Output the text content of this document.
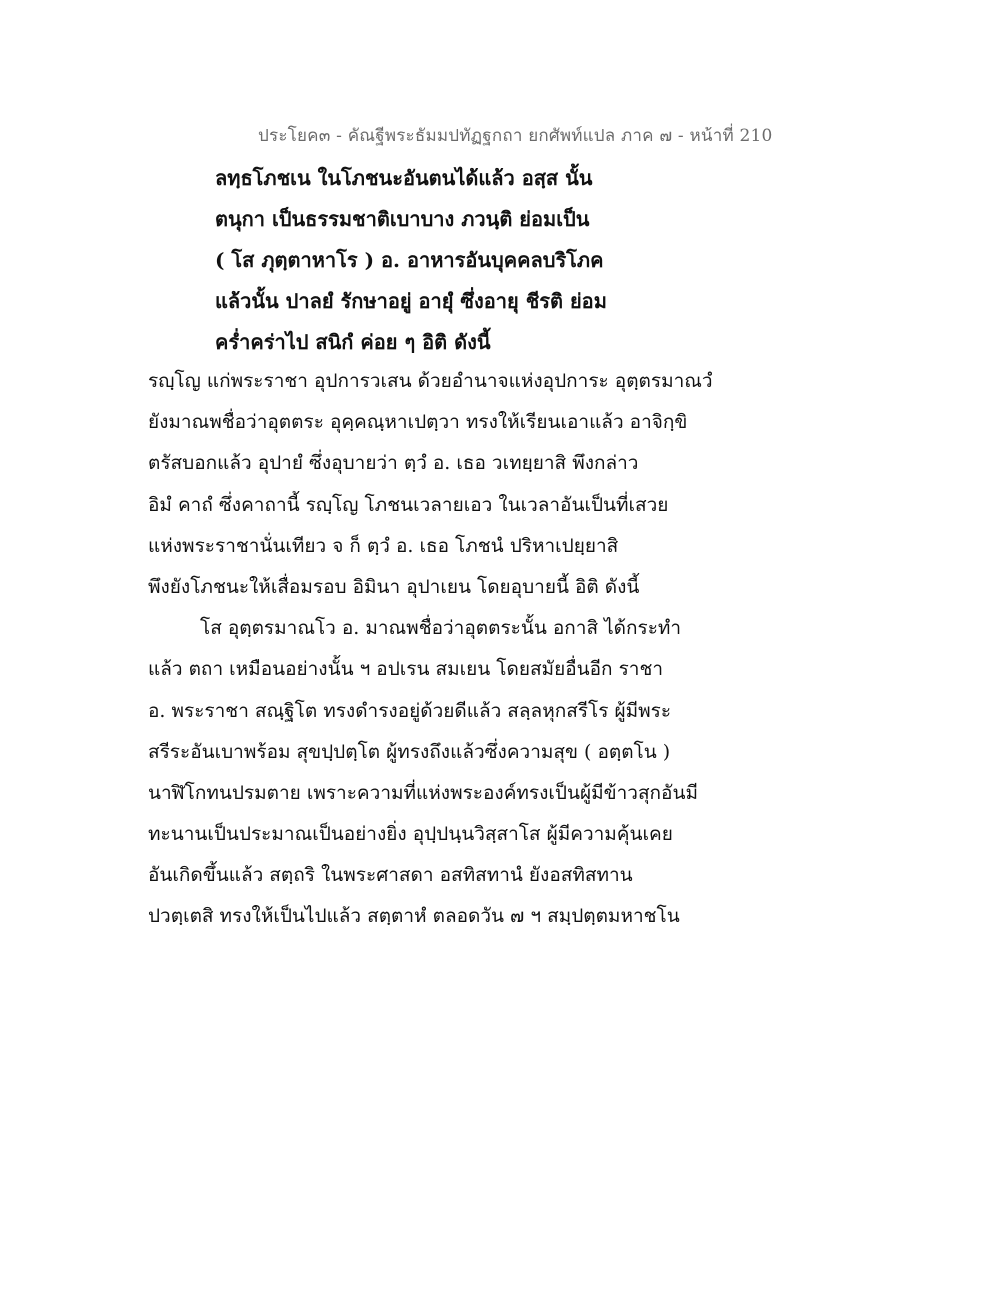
ประโยค๓ - คัณฐีพระธัมมปทัฏฐกถา ยกศัพท์แปล ภาค ๗ - หน้าที่ 210
ลทฺธโภชเน ในโภชนะอันตนได้แล้ว อสฺส นั้น
ตนุกา เป็นธรรมชาติเบาบาง ภวนฺติ ย่อมเป็น
( โส ภุตฺตาหาโร ) อ. อาหารอันบุคคลบริโภค
แล้วนั้น ปาลยํ รักษาอยู่ อายุํ ซึ่งอายุ ชีรติ ย่อม
คร่ำคร่าไป สนิกํ ค่อย ๆ อิติ ดังนี้
รญฺโญ แก่พระราชา อุปการวเสน ด้วยอำนาจแห่งอุปการะ อุตฺตรมาณวํ
ยังมาณพชื่อว่าอุตตระ อุคฺคณฺหาเปตฺวา ทรงให้เรียนเอาแล้ว อาจิกฺขิ
ตรัสบอกแล้ว อุปายํ ซึ่งอุบายว่า ตฺวํ อ. เธอ วเทยฺยาสิ พึงกล่าว
อิมํ คาถํ ซึ่งคาถานี้ รญฺโญ โภชนเวลายเอว ในเวลาอันเป็นที่เสวย
แห่งพระราชานั่นเทียว จ ก็ ตฺวํ อ. เธอ โภชนํ ปริหาเปยฺยาสิ
พึงยังโภชนะให้เสื่อมรอบ อิมินา อุปาเยน โดยอุบายนี้ อิติ ดังนี้
โส อุตฺตรมาณโว อ. มาณพชื่อว่าอุตตระนั้น อกาสิ ได้กระทำ
แล้ว ตถา เหมือนอย่างนั้น ฯ อปเรน สมเยน โดยสมัยอื่นอีก ราชา
อ. พระราชา สณฺฐิโต ทรงดำรงอยู่ด้วยดีแล้ว สลฺลหุกสรีโร ผู้มีพระ
สรีระอันเบาพร้อม สุขปฺปตฺโต ผู้ทรงถึงแล้วซึ่งความสุข ( อตฺตโน )
นาฬิโกทนปรมตาย เพราะความที่แห่งพระองค์ทรงเป็นผู้มีข้าวสุกอันมี
ทะนานเป็นประมาณเป็นอย่างยิ่ง อุปฺปนฺนวิสฺสาโส ผู้มีความคุ้นเคย
อันเกิดขึ้นแล้ว สตฺถริ ในพระศาสดา อสทิสทานํ ยังอสทิสทาน
ปวตฺเตสิ ทรงให้เป็นไปแล้ว สตฺตาหํ ตลอดวัน ๗ ฯ สมฺปตฺตมหาชโน
